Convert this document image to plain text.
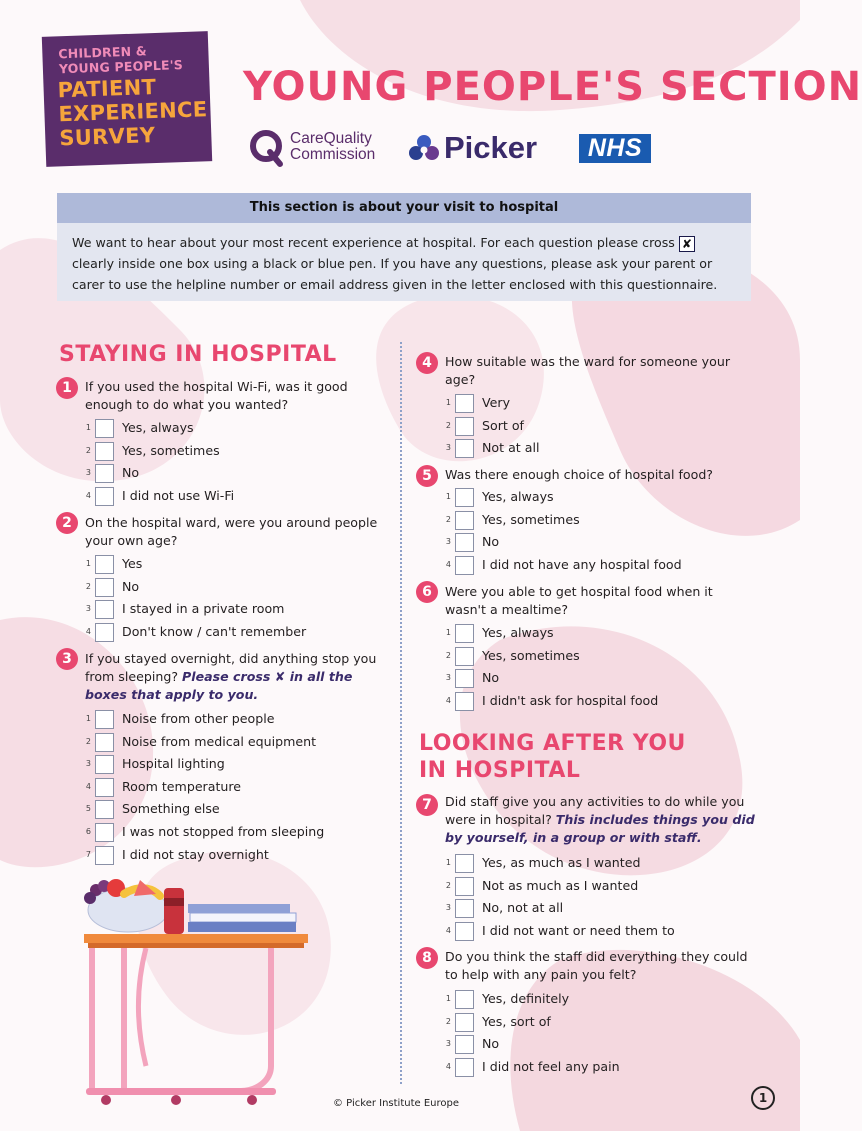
CHILDREN &
YOUNG PEOPLE'S
PATIENT
EXPERIENCE
SURVEY
YOUNG PEOPLE'S SECTION
CareQuality
Commission Picker	NHS
This section is about your visit to hospital
We want to hear about your most recent experience at hospital. For each question please cross ✘ clearly inside one box using a black or blue pen. If you have any questions, please ask your parent or carer to use the helpline number or email address given in the letter enclosed with this questionnaire.
STAYING IN HOSPITAL
LOOKING AFTER YOU
IN HOSPITAL
1	If you used the hospital Wi-Fi, was it good enough to do what you wanted?
1 Yes, always
2 Yes, sometimes
3 No
4 I did not use Wi-Fi
2	On the hospital ward, were you around people your own age?
1 Yes
2 No
3 I stayed in a private room
4 Don't know / can't remember
3	If you stayed overnight, did anything stop you from sleeping? Please cross ✘ in all the boxes that apply to you.
1 Noise from other people
2 Noise from medical equipment
3 Hospital lighting
4 Room temperature
5 Something else
6 I was not stopped from sleeping
7 I did not stay overnight
4	How suitable was the ward for someone your age?
1 Very
2 Sort of
3 Not at all
5	Was there enough choice of hospital food?
1 Yes, always
2 Yes, sometimes
3 No
4 I did not have any hospital food
6	Were you able to get hospital food when it wasn't a mealtime?
1 Yes, always
2 Yes, sometimes
3 No
4 I didn't ask for hospital food
7	Did staff give you any activities to do while you were in hospital? This includes things you did by yourself, in a group or with staff.
1 Yes, as much as I wanted
2 Not as much as I wanted
3 No, not at all
4 I did not want or need them to
8	Do you think the staff did everything they could to help with any pain you felt?
1 Yes, definitely
2 Yes, sort of
3 No
4 I did not feel any pain
© Picker Institute Europe	1
